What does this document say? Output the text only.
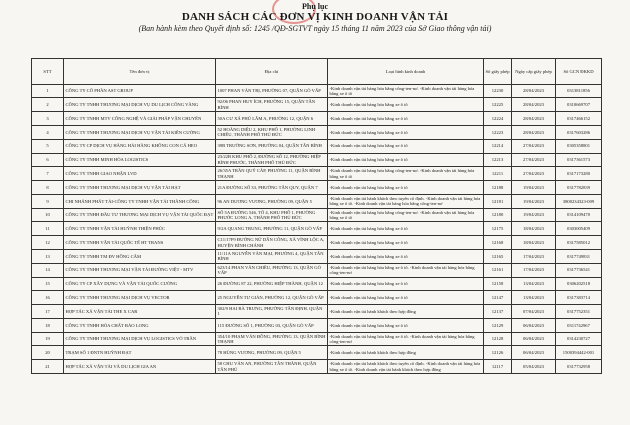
Phụ lục
DANH SÁCH CÁC ĐƠN VỊ KINH DOANH VẬN TẢI
(Ban hành kèm theo Quyết định số: 1245 /QĐ-SGTVT ngày 15 tháng 11 năm 2023 của Sở Giao thông vận tải)
STT	Tên đơn vị	Địa chỉ	Loại hình kinh doanh	Số giấy phép	Ngày cấp giấy phép	Số GCN ĐKKD
1	CÔNG TY CỔ PHẦN AST GROUP	1007 PHAN VĂN TRỊ, PHƯỜNG 07, QUẬN GÒ VẤP	-Kinh doanh vận tải hàng hóa bằng công-ten-nơ. -Kinh doanh vận tải hàng hóa bằng xe ô tô	12230	28/04/2023	0313811856
2	CÔNG TY TNHH THƯƠNG MẠI DỊCH VỤ DU LỊCH CÔNG VÀNG	92/06 PHAN HUY ÍCH, PHƯỜNG 15, QUẬN TÂN BÌNH	-Kinh doanh vận tải hàng hóa bằng xe ô tô	12225	28/04/2023	0310669707
3	CÔNG TY TNHH MTV CÔNG NGHỆ VÀ GIẢI PHÁP VẬN CHUYỂN	50A CƯ XÁ PHÚ LÂM A, PHƯỜNG 12, QUẬN 6	-Kinh doanh vận tải hàng hóa bằng xe ô tô	12224	28/04/2023	0317466152
4	CÔNG TY TNHH THƯƠNG MẠI DỊCH VỤ VẬN TẢI KIÊN CƯỜNG	52 HOÀNG DIỆU 2, KHU PHỐ 1, PHƯỜNG LINH CHIỂU, THÀNH PHỐ THỦ ĐỨC	-Kinh doanh vận tải hàng hóa bằng xe ô tô	12223	28/04/2023	0317603286
5	CÔNG TY CP DỊCH VỤ HÀNG HẢI HÀNG KHÔNG CON CÁ HEO	39B TRƯỜNG SƠN, PHƯỜNG 04, QUẬN TÂN BÌNH	-Kinh doanh vận tải hàng hóa bằng xe ô tô	12214	27/04/2023	0305358801
6	CÔNG TY TNHH MINH HÒA LOGISTICS	23/22B KHU PHỐ 2, ĐƯỜNG SỐ 12, PHƯỜNG HIỆP BÌNH PHƯỚC, THÀNH PHỐ THỦ ĐỨC	-Kinh doanh vận tải hàng hóa bằng xe ô tô	12213	27/04/2023	0317361573
7	CÔNG TY TNHH GIAO NHẬN LVD	26/35A TRẦN QUÝ CÁP, PHƯỜNG 11, QUẬN BÌNH THẠNH	-Kinh doanh vận tải hàng hóa bằng công-ten-nơ. -Kinh doanh vận tải hàng hóa bằng xe ô tô	12211	27/04/2023	0317173280
8	CÔNG TY TNHH THƯƠNG MẠI DỊCH VỤ VẬN TẢI HẠT	21A ĐƯỜNG SỐ 33, PHƯỜNG TÂN QUY, QUẬN 7	-Kinh doanh vận tải hàng hóa bằng xe ô tô	12188	19/04/2023	0317782839
9	CHI NHÁNH PHÁT TẢI-CÔNG TY TNHH VẬN TẢI THÀNH CÔNG	96 AN DƯƠNG VƯƠNG, PHƯỜNG 09, QUẬN 5	-Kinh doanh vận tải hành khách theo tuyến cố định. -Kinh doanh vận tải hàng hóa bằng xe ô tô. -Kinh doanh vận tải hàng hóa bằng công-ten-nơ	12181	19/04/2023	3800234323-009
10	CÔNG TY TNHH ĐẦU TƯ THƯƠNG MẠI DỊCH VỤ VẬN TẢI QUỐC ĐẠT	SỐ 5A ĐƯỜNG 546, TỔ 4, KHU PHỐ 1, PHƯỜNG PHƯỚC LONG A, THÀNH PHỐ THỦ ĐỨC	-Kinh doanh vận tải hàng hóa bằng công-ten-nơ. -Kinh doanh vận tải hàng hóa bằng xe ô tô	12180	19/04/2023	0314109470
11	CÔNG TY TNHH VẬN TẢI HUỲNH THIỆN PHÚC	9/2A QUANG TRUNG, PHƯỜNG 11, QUẬN GÒ VẤP	-Kinh doanh vận tải hàng hóa bằng xe ô tô	12175	18/04/2023	0303005409
12	CÔNG TY TNHH VẬN TẢI QUỐC TẾ HT TRANS	C11/17F9 ĐƯỜNG NỮ DÂN CÔNG, XÃ VĨNH LỘC A, HUYỆN BÌNH CHÁNH	-Kinh doanh vận tải hàng hóa bằng xe ô tô	12168	18/04/2023	0317585012
13	CÔNG TY TNHH TM ĐV HỒNG CẨM	11/11A NGUYỄN VĂN MẠI, PHƯỜNG 4, QUẬN TÂN BÌNH	-Kinh doanh vận tải hàng hóa bằng xe ô tô	12165	17/04/2023	0317749831
14	CÔNG TY TNHH THƯƠNG MẠI VẬN TẢI ĐƯỜNG VIỆT - MTV	623/14 PHAN VĂN CHIỀU, PHƯỜNG 13, QUẬN GÒ VẤP	-Kinh doanh vận tải hàng hóa bằng xe ô tô. -Kinh doanh vận tải hàng hóa bằng công-ten-nơ	12161	17/04/2023	0317736541
15	CÔNG TY CP XÂY DỰNG VÀ VẬN TẢI QUỐC CƯỜNG	26 ĐƯỜNG 87 22, PHƯỜNG HIỆP THÀNH, QUẬN 12	-Kinh doanh vận tải hàng hóa bằng xe ô tô	12158	13/04/2023	0306202518
16	CÔNG TY TNHH THƯƠNG MẠI DỊCH VỤ VECTOR	25 NGUYỄN TƯ GIẢN, PHƯỜNG 12, QUẬN GÒ VẤP	-Kinh doanh vận tải hàng hóa bằng xe ô tô	12147	13/04/2023	0317383714
17	HỢP TÁC XÃ VẬN TẢI THE X CAR	302/9 HAI BÀ TRƯNG, PHƯỜNG TÂN ĐỊNH, QUẬN 1	-Kinh doanh vận tải hành khách theo hợp đồng	12137	07/04/2023	0317752351
18	CÔNG TY TNHH HÓA CHẤT BẢO LONG	115 ĐƯỜNG SỐ 1, PHƯỜNG 03, QUẬN GÒ VẤP	-Kinh doanh vận tải hàng hóa bằng xe ô tô	12129	06/04/2023	0311742967
19	CÔNG TY TNHH THƯƠNG MẠI DỊCH VỤ LOGISTICS VÕ TRẦN	354/10 PHẠM VĂN ĐỒNG, PHƯỜNG 13, QUẬN BÌNH THẠNH	-Kinh doanh vận tải hàng hóa bằng xe ô tô. -Kinh doanh vận tải hàng hóa bằng công-ten-nơ	12128	06/04/2023	0314230727
20	TRẠM SỐ 1 ĐNTN HUỲNH ĐẠT	78 HÙNG VƯƠNG, PHƯỜNG 09, QUẬN 5	-Kinh doanh vận tải hành khách theo hợp đồng	12126	06/04/2023	1500394442-001
21	HỢP TÁC XÃ VẬN TẢI VÀ DU LỊCH GIA AN	58 CHU VĂN AN, PHƯỜNG TÂN THÀNH, QUẬN TÂN PHÚ	-Kinh doanh vận tải hành khách theo tuyến cố định. -Kinh doanh vận tải hàng hóa bằng xe ô tô. -Kinh doanh vận tải hành khách theo hợp đồng	12117	05/04/2023	0317732958
